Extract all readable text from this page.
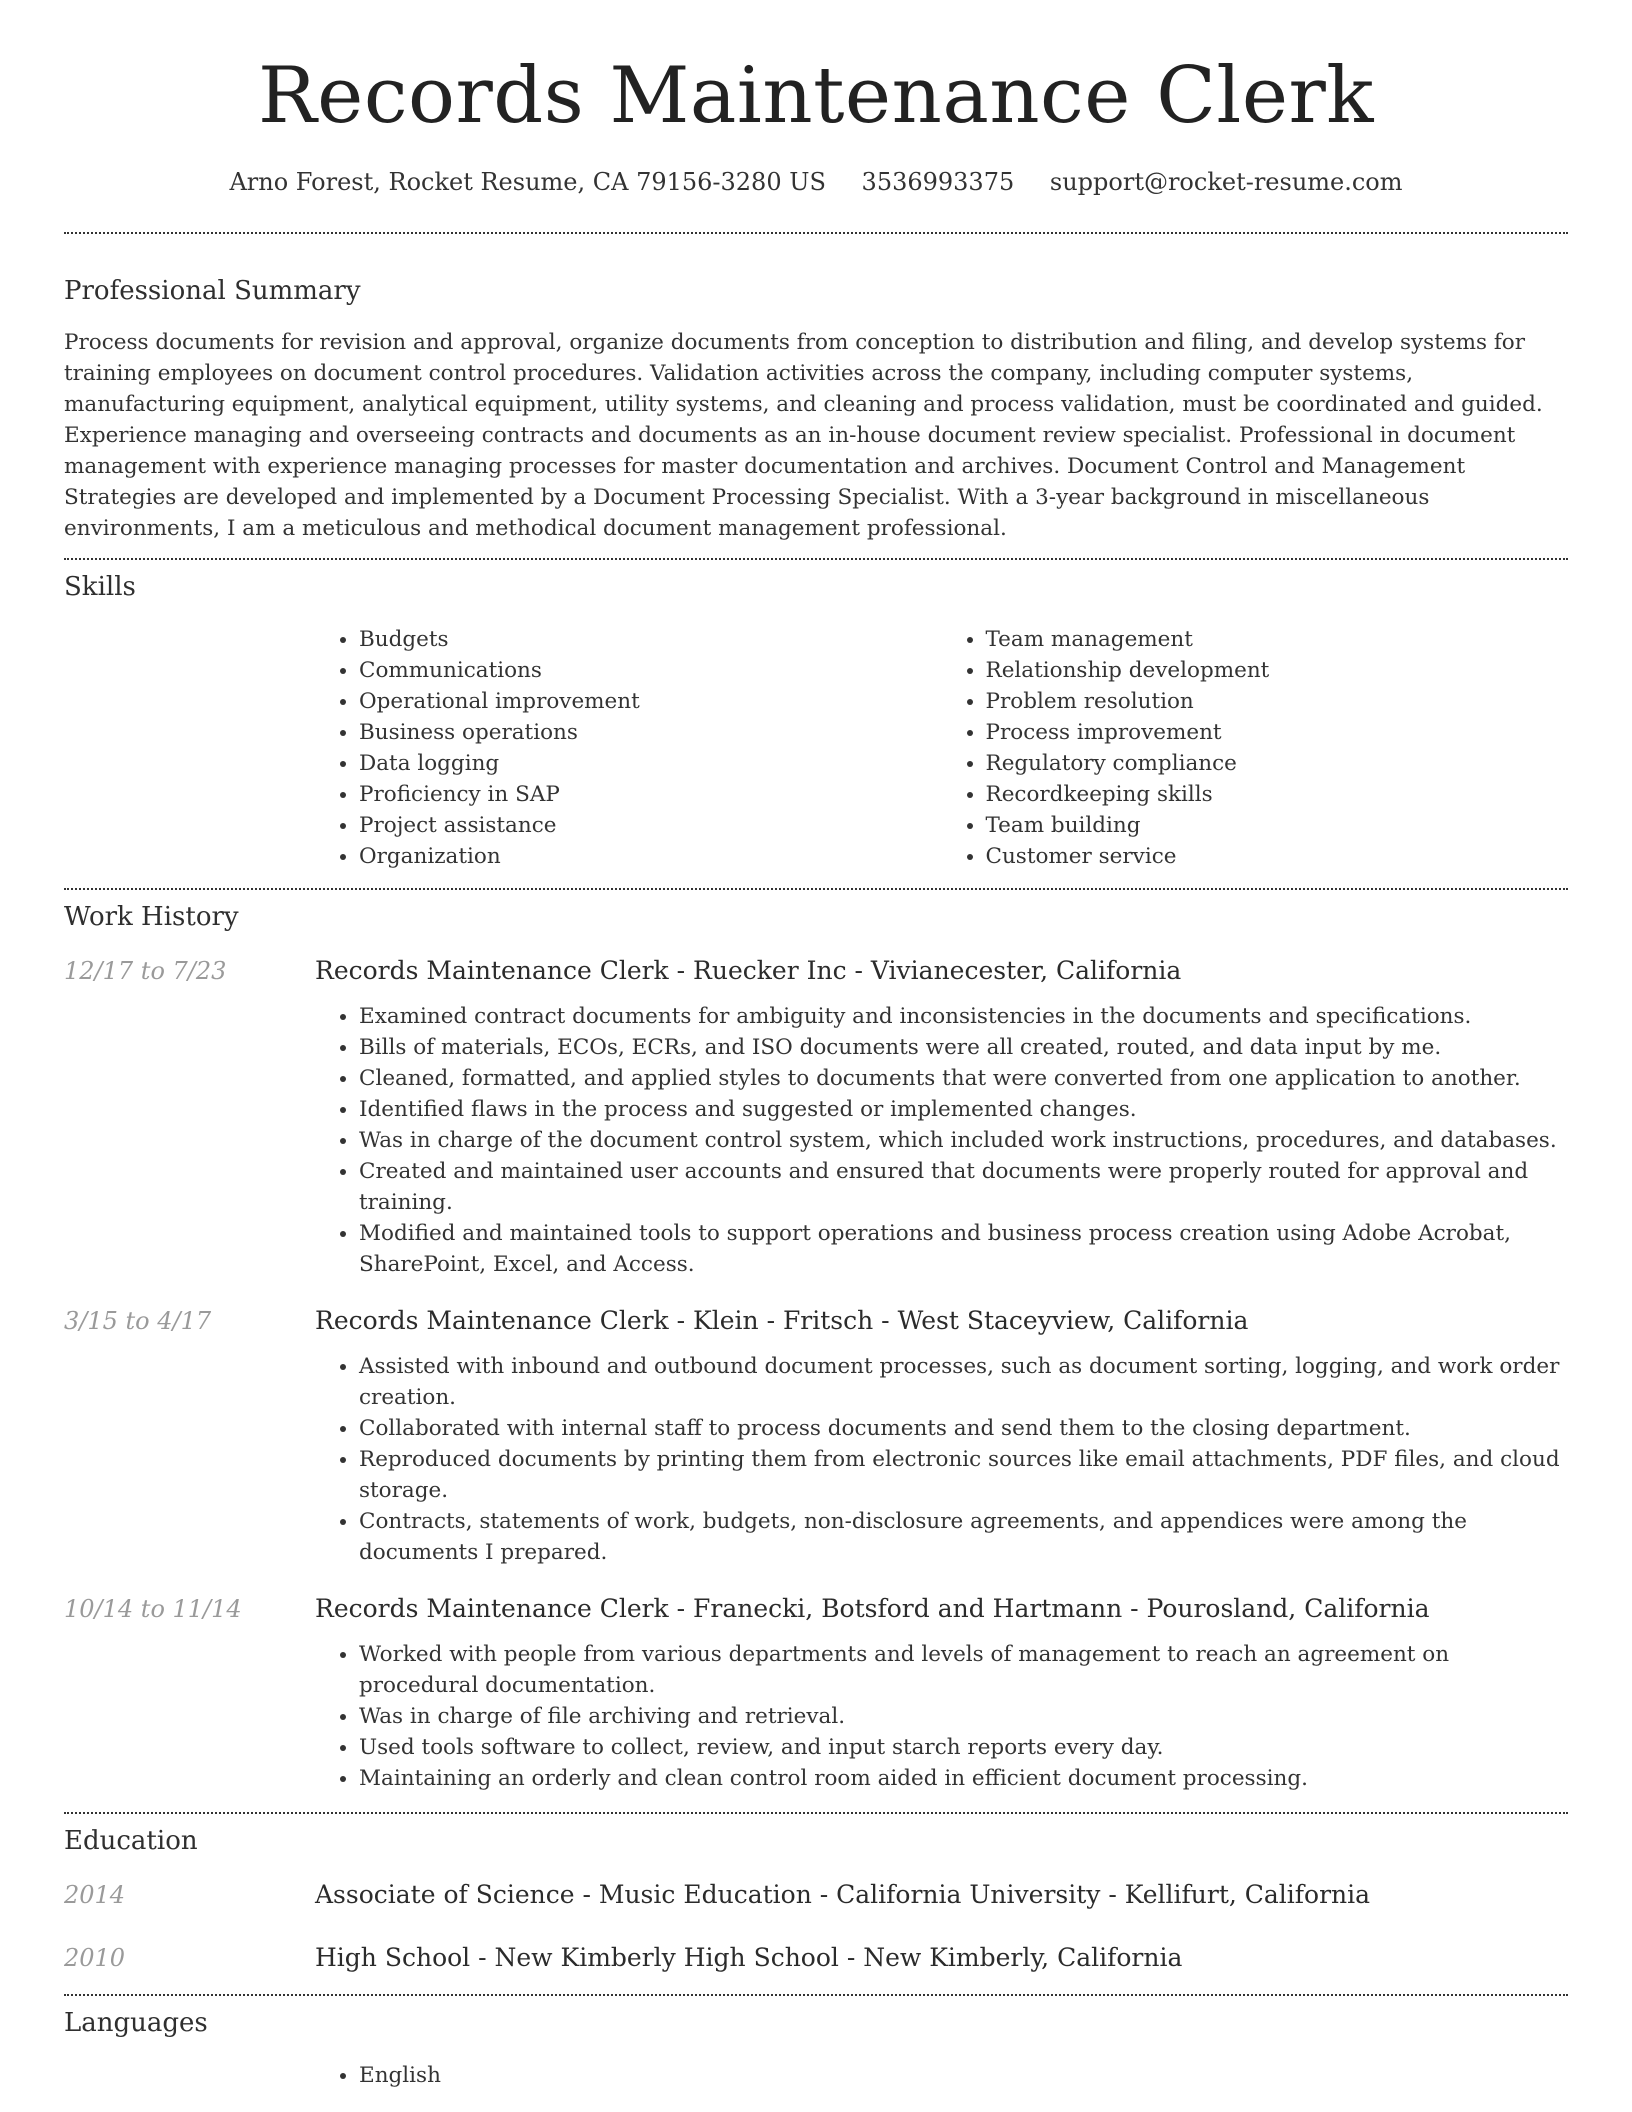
Records Maintenance Clerk
Arno Forest, Rocket Resume, CA 79156-3280 US 3536993375 support@rocket-resume.com
Professional Summary

Process documents for revision and approval, organize documents from conception to distribution and filing, and develop systems for training employees on document control procedures. Validation activities across the company, including computer systems, manufacturing equipment, analytical equipment, utility systems, and cleaning and process validation, must be coordinated and guided. Experience managing and overseeing contracts and documents as an in-house document review specialist. Professional in document management with experience managing processes for master documentation and archives. Document Control and Management Strategies are developed and implemented by a Document Processing Specialist. With a 3-year background in miscellaneous environments, I am a meticulous and methodical document management professional.

Skills
• Budgets
• Communications
• Operational improvement
• Business operations
• Data logging
• Proficiency in SAP
• Project assistance
• Organization
• Team management
• Relationship development
• Problem resolution
• Process improvement
• Regulatory compliance
• Recordkeeping skills
• Team building
• Customer service
Work History
12/17 to 7/23	Records Maintenance Clerk - Ruecker Inc - Vivianecester, California
• Examined contract documents for ambiguity and inconsistencies in the documents and specifications.
• Bills of materials, ECOs, ECRs, and ISO documents were all created, routed, and data input by me.
• Cleaned, formatted, and applied styles to documents that were converted from one application to another.
• Identified flaws in the process and suggested or implemented changes.
• Was in charge of the document control system, which included work instructions, procedures, and databases.
• Created and maintained user accounts and ensured that documents were properly routed for approval and training.
• Modified and maintained tools to support operations and business process creation using Adobe Acrobat, SharePoint, Excel, and Access.
3/15 to 4/17	Records Maintenance Clerk - Klein - Fritsch - West Staceyview, California
• Assisted with inbound and outbound document processes, such as document sorting, logging, and work order creation.
• Collaborated with internal staff to process documents and send them to the closing department.
• Reproduced documents by printing them from electronic sources like email attachments, PDF files, and cloud storage.
• Contracts, statements of work, budgets, non-disclosure agreements, and appendices were among the documents I prepared.
10/14 to 11/14	Records Maintenance Clerk - Franecki, Botsford and Hartmann - Pourosland, California
• Worked with people from various departments and levels of management to reach an agreement on procedural documentation.
• Was in charge of file archiving and retrieval.
• Used tools software to collect, review, and input starch reports every day.
• Maintaining an orderly and clean control room aided in efficient document processing.
Education
2014	Associate of Science - Music Education - California University - Kellifurt, California
2010	High School - New Kimberly High School - New Kimberly, California
Languages
• English
